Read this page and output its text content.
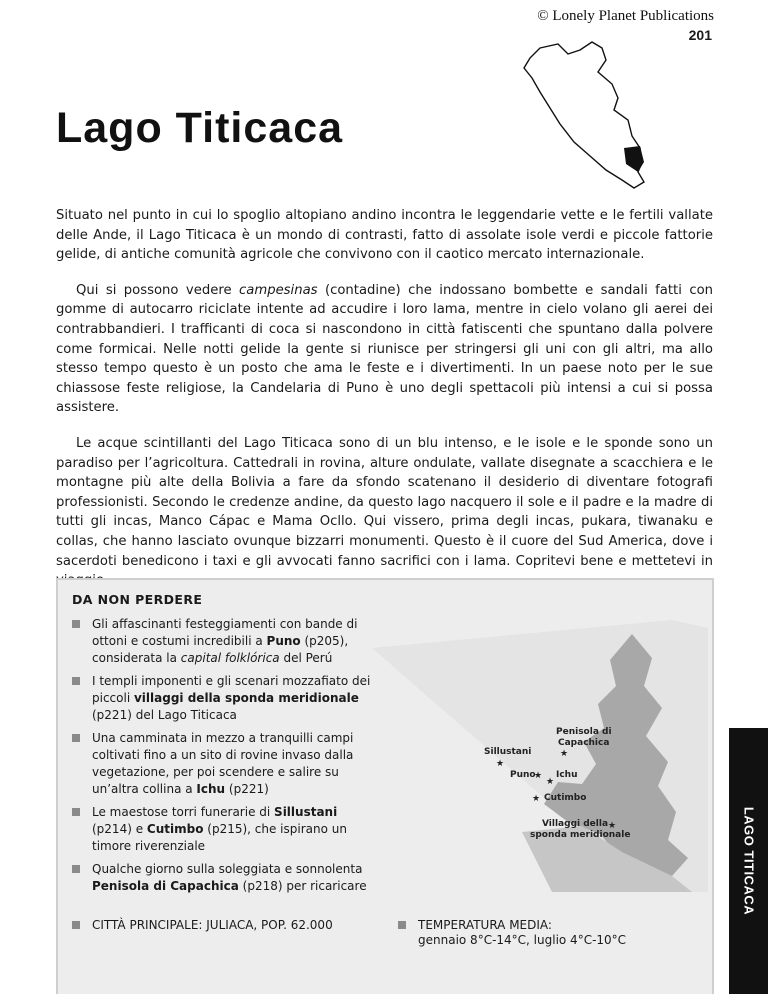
© Lonely Planet Publications
201
Lago Titicaca

Situato nel punto in cui lo spoglio altopiano andino incontra le leggendarie vette e le fertili vallate delle Ande, il Lago Titicaca è un mondo di contrasti, fatto di assolate isole verdi e piccole fattorie gelide, di antiche comunità agricole che convivono con il caotico mercato internazionale.

Qui si possono vedere campesinas (contadine) che indossano bombette e sandali fatti con gomme di autocarro riciclate intente ad accudire i loro lama, mentre in cielo volano gli aerei dei contrabbandieri. I trafficanti di coca si nascondono in città fatiscenti che spuntano dalla polvere come formicai. Nelle notti gelide la gente si riunisce per stringersi gli uni con gli altri, ma allo stesso tempo questo è un posto che ama le feste e i divertimenti. In un paese noto per le sue chiassose feste religiose, la Candelaria di Puno è uno degli spettacoli più intensi a cui si possa assistere.

Le acque scintillanti del Lago Titicaca sono di un blu intenso, e le isole e le sponde sono un paradiso per l’agricoltura. Cattedrali in rovina, alture ondulate, vallate disegnate a scacchiera e le montagne più alte della Bolivia a fare da sfondo scatenano il desiderio di diventare fotografi professionisti. Secondo le credenze andine, da questo lago nacquero il sole e il padre e la madre di tutti gli incas, Manco Cápac e Mama Ocllo. Qui vissero, prima degli incas, pukara, tiwanaku e collas, che hanno lasciato ovunque bizzarri monumenti. Questo è il cuore del Sud America, dove i sacerdoti benedicono i taxi e gli avvocati fanno sacrifici con i lama. Copritevi bene e mettetevi in

DA NON PERDERE
Gli affascinanti festeggiamenti con bande di ottoni e costumi incredibili a Puno (p205), considerata la capital folklórica del Perú
I templi imponenti e gli scenari mozzafiato dei piccoli villaggi della sponda meridionale (p221) del Lago Titicaca
Una camminata in mezzo a tranquilli campi coltivati fino a un sito di rovine invaso dalla vegetazione, per poi scendere e salire su un’altra collina a Ichu (p221)
Le maestose torri funerarie di Sillustani (p214) e Cutimbo (p215), che ispirano un timore riverenziale
Qualche giorno sulla soleggiata e sonnolenta Penisola di Capachica (p218) per ricaricare
Penisola di
Capachica
★
Sillustani
★
Puno
★ Ichu
★
★ Cutimbo
Villaggi della ★
sponda meridionale
CITTÀ PRINCIPALE: JULIACA, POP. 62.000	TEMPERATURA MEDIA:
gennaio 8°C-14°C, luglio 4°C-10°C
LAGO TITICACA
